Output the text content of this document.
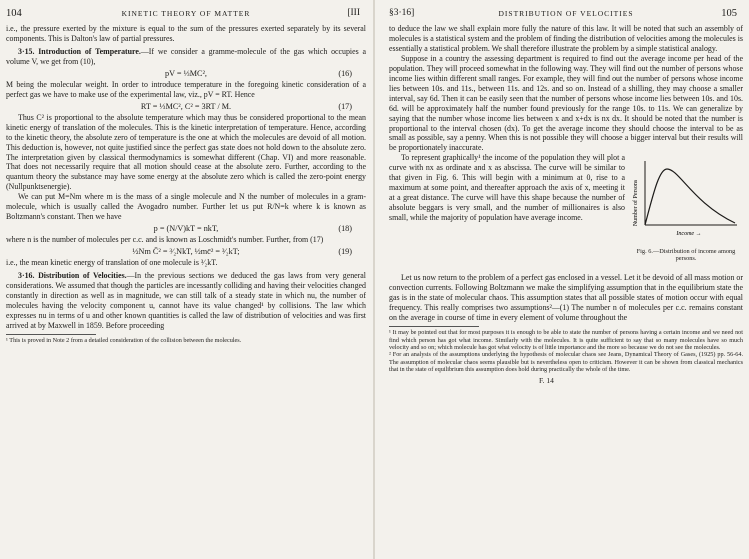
104	KINETIC THEORY OF MATTER	[III

i.e., the pressure exerted by the mixture is equal to the sum of the pressures exerted separately by its several components. This is Dalton's law of partial pressures.

3·15. Introduction of Temperature.—If we consider a gramme-molecule of the gas which occupies a volume V, we get from (10),

pV = ⅓MC²,	(16)

M being the molecular weight. In order to introduce temperature in the foregoing kinetic consideration of a perfect gas we have to make use of the experimental law, viz., pV = RT. Hence

RT = ⅓MC², C² = 3RT / M.	(17)

Thus C² is proportional to the absolute temperature which may thus be considered proportional to the mean kinetic energy of translation of the molecules. This is the kinetic interpretation of temperature. Hence, according to the kinetic theory, the absolute zero of temperature is the one at which the molecules are devoid of all motion. This deduction is, however, not quite justified since the perfect gas state does not hold down to the absolute zero. The interpretation given by classical thermodynamics is somewhat different (Chap. VI) and more reasonable. That does not necessarily require that all motion should cease at the absolute zero. Further, according to the quantum theory the substance may have some energy at the absolute zero which is called the zero-point energy (Nullpunktsenergie).

We can put M=Nm where m is the mass of a single molecule and N the number of molecules in a gram-molecule, which is usually called the Avogadro number. Further let us put R/N=k where k is known as Boltzmann's constant. Then we have

p = (N/V)kT = nkT,	(18)

where n is the number of molecules per c.c. and is known as Loschmidt's number. Further, from (17)

½Nm C̄² = ³⁄₂NkT, ½mc̄² = ³⁄₂kT;	(19)

i.e., the mean kinetic energy of translation of one molecule is ³⁄₂kT.

3·16. Distribution of Velocities.—In the previous sections we deduced the gas laws from very general considerations. We assumed that though the particles are incessantly colliding and having their velocities changed constantly in direction as well as in magnitude, we can still talk of a steady state in which nu, the number of molecules having the velocity component u, cannot have its value changed¹ by collisions. The law which expresses nu in terms of u and other known quantities is called the law of distribution of velocities and was first arrived at by Maxwell in 1859. Before proceeding

¹ This is proved in Note 2 from a detailed consideration of the collision between the molecules.

§3·16]	DISTRIBUTION OF VELOCITIES	105

to deduce the law we shall explain more fully the nature of this law. It will be noted that such an assembly of molecules is a statistical system and the problem of finding the distribution of velocities among the molecules is essentially a statistical problem. We shall therefore illustrate the problem by a simple statistical analogy.

Suppose in a country the assessing department is required to find out the average income per head of the population. They will proceed somewhat in the following way. They will find out the number of persons whose income lies within different small ranges. For example, they will find out the number of persons whose income lies between 10s. and 11s., between 11s. and 12s. and so on. Instead of a shilling, they may choose a smaller interval, say 6d. Then it can be easily seen that the number of persons whose income lies between 10s. and 10s. 6d. will be approximately half the number found previously for the range 10s. to 11s. We can generalize by saying that the number whose income lies between x and x+dx is nx dx. It should be noted that the number is proportional to the interval chosen (dx). To get the average income they should choose the interval to be as small as possible, say a penny. When this is not possible they will choose a bigger interval but their results will be proportionately inaccurate.

To represent graphically¹ the income of the population they will plot a curve with nx as ordinate and x as abscissa. The curve will be similar to that given in Fig. 6. This will begin with a minimum at 0, rise to a maximum at some point, and thereafter approach the axis of x, meeting it at a great distance. The curve will have this shape because the number of absolute beggars is very small, and the number of millionaires is also small, while the majority of population have average income.	Number of Persons
Income →
Fig. 6.—Distribution of income among persons.

Let us now return to the problem of a perfect gas enclosed in a vessel. Let it be devoid of all mass motion or convection currents. Following Boltzmann we make the simplifying assumption that in the equilibrium state the gas is in the state of molecular chaos. This assumption states that all possible states of motion occur with equal frequency. This really comprises two assumptions²—(1) The number n of molecules per c.c. remains constant on the average in course of time in every element of volume throughout the

¹ It may be pointed out that for most purposes it is enough to be able to state the number of persons having a certain income and we need not find which person has got what income. Similarly with the molecules. It is quite sufficient to say that so many molecules have so much velocity and so on; which molecule has got what velocity is of little importance and the more so because we do not see the molecules.

² For an analysis of the assumptions underlying the hypothesis of molecular chaos see Jeans, Dynamical Theory of Gases, (1925) pp. 56-64. The assumption of molecular chaos seems plausible but is nevertheless open to criticism. However it can be shown from classical mechanics that in the state of equilibrium this assumption does hold during practically the whole of the time.

F. 14
